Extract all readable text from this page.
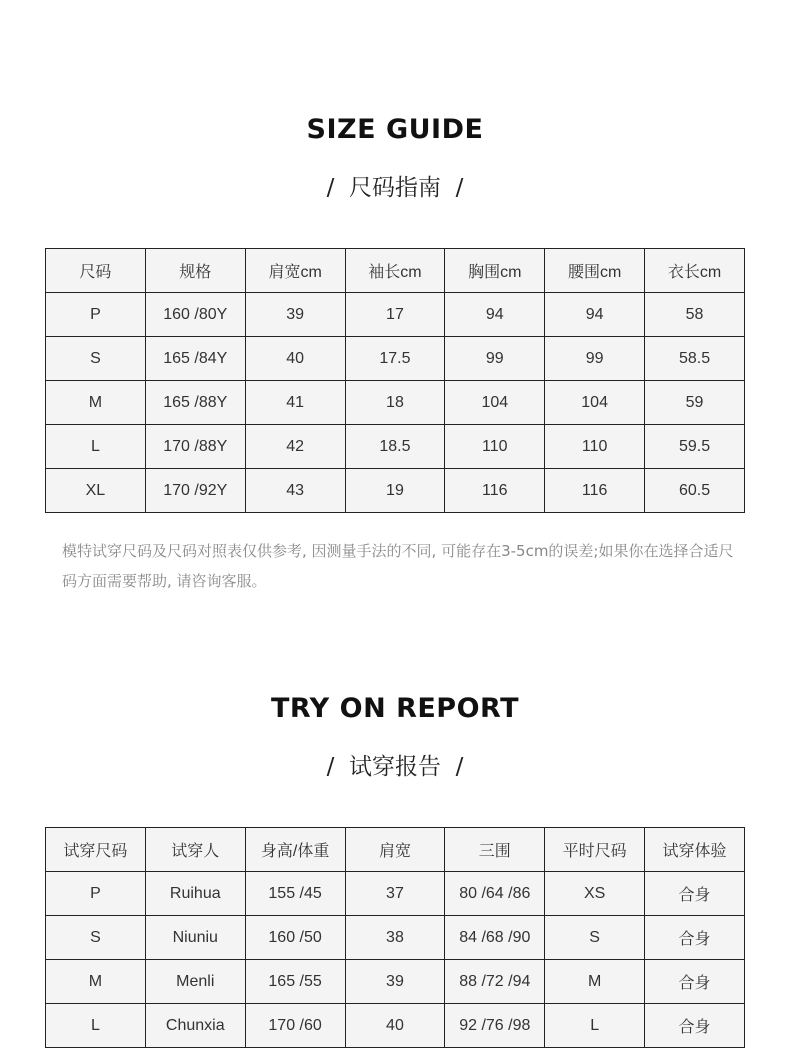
SIZE GUIDE
/  尺码指南  /
尺码	规格	肩宽cm	袖长cm	胸围cm	腰围cm	衣长cm
P	160 /80Y	39	17	94	94	58
S	165 /84Y	40	17.5	99	99	58.5
M	165 /88Y	41	18	104	104	59
L	170 /88Y	42	18.5	110	110	59.5
XL	170 /92Y	43	19	116	116	60.5
模特试穿尺码及尺码对照表仅供参考, 因测量手法的不同, 可能存在3-5cm的误差;如果你在选择合适尺码方面需要帮助, 请咨询客服。
TRY ON REPORT
/  试穿报告  /
试穿尺码	试穿人	身高/体重	肩宽	三围	平时尺码	试穿体验
P	Ruihua	155 /45	37	80 /64 /86	XS	合身
S	Niuniu	160 /50	38	84 /68 /90	S	合身
M	Menli	165 /55	39	88 /72 /94	M	合身
L	Chunxia	170 /60	40	92 /76 /98	L	合身
